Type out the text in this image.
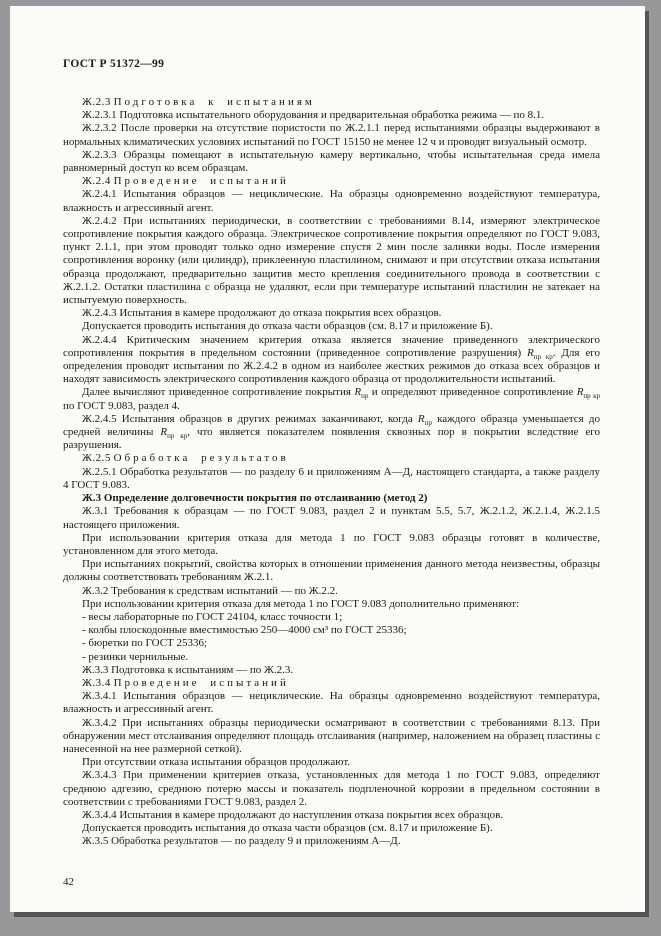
ГОСТ Р 51372—99

Ж.2.3 Подготовка к испытаниям

Ж.2.3.1 Подготовка испытательного оборудования и предварительная обработка режима — по 8.1.

Ж.2.3.2 После проверки на отсутствие пористости по Ж.2.1.1 перед испытаниями образцы выдерживают в нормальных климатических условиях испытаний по ГОСТ 15150 не менее 12 ч и проводят визуальный осмотр.

Ж.2.3.3 Образцы помещают в испытательную камеру вертикально, чтобы испытательная среда имела равномерный доступ ко всем образцам.

Ж.2.4 Проведение испытаний

Ж.2.4.1 Испытания образцов — нециклические. На образцы одновременно воздействуют температура, влажность и агрессивный агент.

Ж.2.4.2 При испытаниях периодически, в соответствии с требованиями 8.14, измеряют электрическое сопротивление покрытия каждого образца. Электрическое сопротивление покрытия определяют по ГОСТ 9.083, пункт 2.1.1, при этом проводят только одно измерение спустя 2 мин после заливки воды. После измерения сопротивления воронку (или цилиндр), приклеенную пластилином, снимают и при отсутствии отказа испытания образца продолжают, предварительно защитив место крепления соединительного провода в соответствии с Ж.2.1.2. Остатки пластилина с образца не удаляют, если при температуре испытаний пластилин не затекает на испытуемую поверхность.

Ж.2.4.3 Испытания в камере продолжают до отказа покрытия всех образцов.

Допускается проводить испытания до отказа части образцов (см. 8.17 и приложение Б).

Ж.2.4.4 Критическим значением критерия отказа является значение приведенного электрического сопротивления покрытия в предельном состоянии (приведенное сопротивление разрушения) $R_{пр кр}$. Для его определения проводят испытания по Ж.2.4.2 в одном из наиболее жестких режимов до отказа всех образцов и находят зависимость электрического сопротивления каждого образца от продолжительности испытаний.

Далее вычисляют приведенное сопротивление покрытия $R_{пр}$ и определяют приведенное сопротивление $R_{пр кр}$ по ГОСТ 9.083, раздел 4.

Ж.2.4.5 Испытания образцов в других режимах заканчивают, когда $R_{пр}$ каждого образца уменьшается до средней величины $R_{пр кр}$, что является показателем появления сквозных пор в покрытии вследствие его разрушения.

Ж.2.5 Обработка результатов

Ж.2.5.1 Обработка результатов — по разделу 6 и приложениям А—Д, настоящего стандарта, а также разделу 4 ГОСТ 9.083.

Ж.3 Определение долговечности покрытия по отслаиванию (метод 2)

Ж.3.1 Требования к образцам — по ГОСТ 9.083, раздел 2 и пунктам 5.5, 5.7, Ж.2.1.2, Ж.2.1.4, Ж.2.1.5 настоящего приложения.

При использовании критерия отказа для метода 1 по ГОСТ 9.083 образцы готовят в количестве, установленном для этого метода.

При испытаниях покрытий, свойства которых в отношении применения данного метода неизвестны, образцы должны соответствовать требованиям Ж.2.1.

Ж.3.2 Требования к средствам испытаний — по Ж.2.2.

При использовании критерия отказа для метода 1 по ГОСТ 9.083 дополнительно применяют:

- весы лабораторные по ГОСТ 24104, класс точности 1;

- колбы плоскодонные вместимостью 250—4000 см³ по ГОСТ 25336;

- бюретки по ГОСТ 25336;

- резинки чернильные.

Ж.3.3 Подготовка к испытаниям — по Ж.2.3.

Ж.3.4 Проведение испытаний

Ж.3.4.1 Испытания образцов — нециклические. На образцы одновременно воздействуют температура, влажность и агрессивный агент.

Ж.3.4.2 При испытаниях образцы периодически осматривают в соответствии с требованиями 8.13. При обнаружении мест отслаивания определяют площадь отслаивания (например, наложением на образец пластины с нанесенной на нее размерной сеткой).

При отсутствии отказа испытания образцов продолжают.

Ж.3.4.3 При применении критериев отказа, установленных для метода 1 по ГОСТ 9.083, определяют среднюю адгезию, среднюю потерю массы и показатель подпленочной коррозии в предельном состоянии в соответствии с требованиями ГОСТ 9.083, раздел 2.

Ж.3.4.4 Испытания в камере продолжают до наступления отказа покрытия всех образцов.

Допускается проводить испытания до отказа части образцов (см. 8.17 и приложение Б).

Ж.3.5 Обработка результатов — по разделу 9 и приложениям А—Д.

42
